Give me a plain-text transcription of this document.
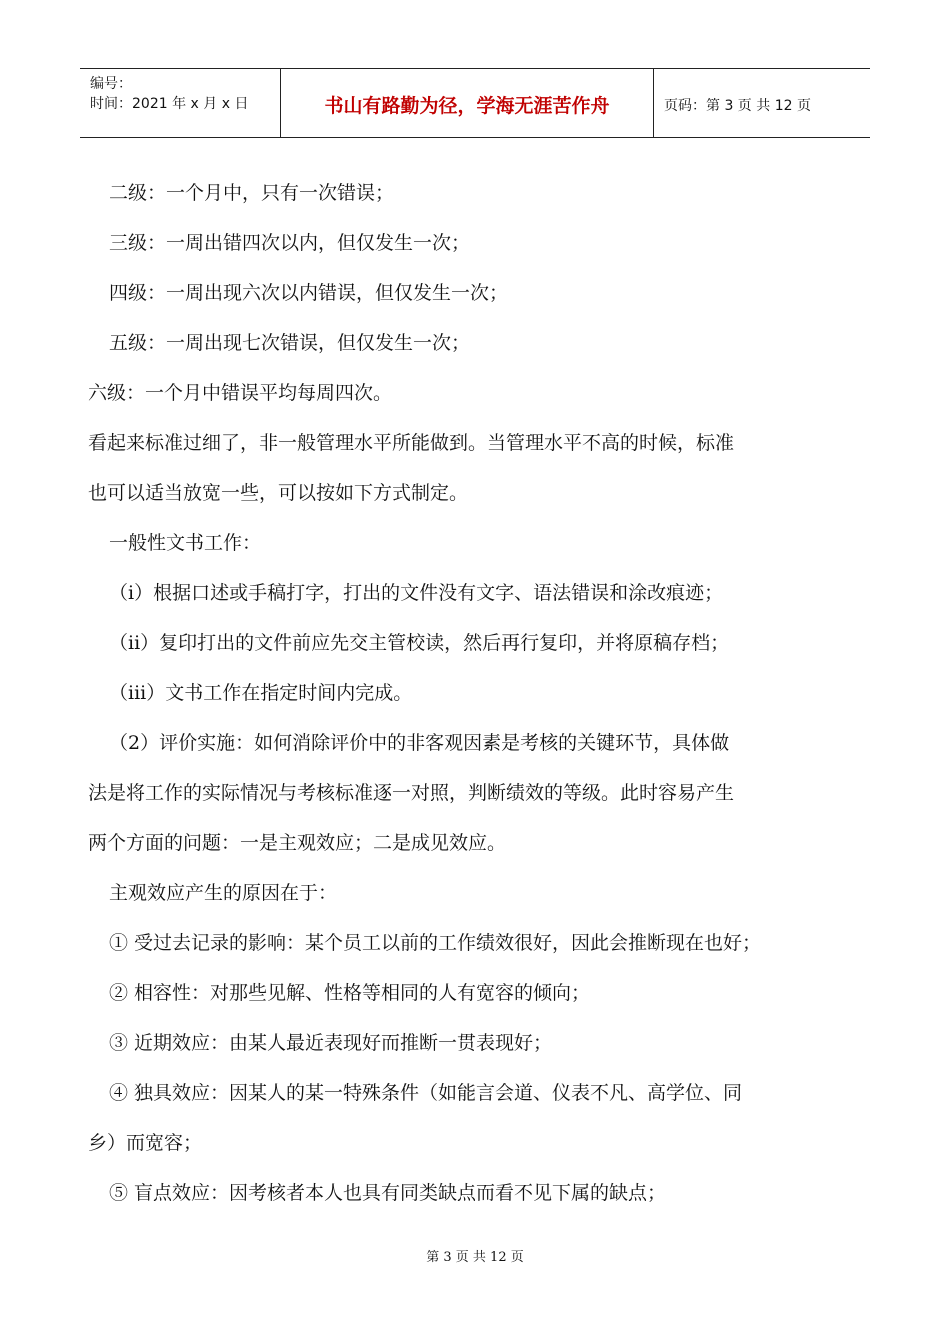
编号：
时间：2021 年 x 月 x 日	书山有路勤为径，学海无涯苦作舟	页码：第 3 页 共 12 页
二级：一个月中，只有一次错误；
三级：一周出错四次以内，但仅发生一次；
四级：一周出现六次以内错误，但仅发生一次；
五级：一周出现七次错误，但仅发生一次；
六级：一个月中错误平均每周四次。
看起来标准过细了，非一般管理水平所能做到。当管理水平不高的时候，标准
也可以适当放宽一些，可以按如下方式制定。
一般性文书工作：
（i）根据口述或手稿打字，打出的文件没有文字、语法错误和涂改痕迹；
（ii）复印打出的文件前应先交主管校读，然后再行复印，并将原稿存档；
（iii）文书工作在指定时间内完成。
（2）评价实施：如何消除评价中的非客观因素是考核的关键环节，具体做
法是将工作的实际情况与考核标准逐一对照，判断绩效的等级。此时容易产生
两个方面的问题：一是主观效应；二是成见效应。
主观效应产生的原因在于：
① 受过去记录的影响：某个员工以前的工作绩效很好，因此会推断现在也好；
② 相容性：对那些见解、性格等相同的人有宽容的倾向；
③ 近期效应：由某人最近表现好而推断一贯表现好；
④ 独具效应：因某人的某一特殊条件（如能言会道、仪表不凡、高学位、同
乡）而宽容；
⑤ 盲点效应：因考核者本人也具有同类缺点而看不见下属的缺点；
第 3 页 共 12 页
